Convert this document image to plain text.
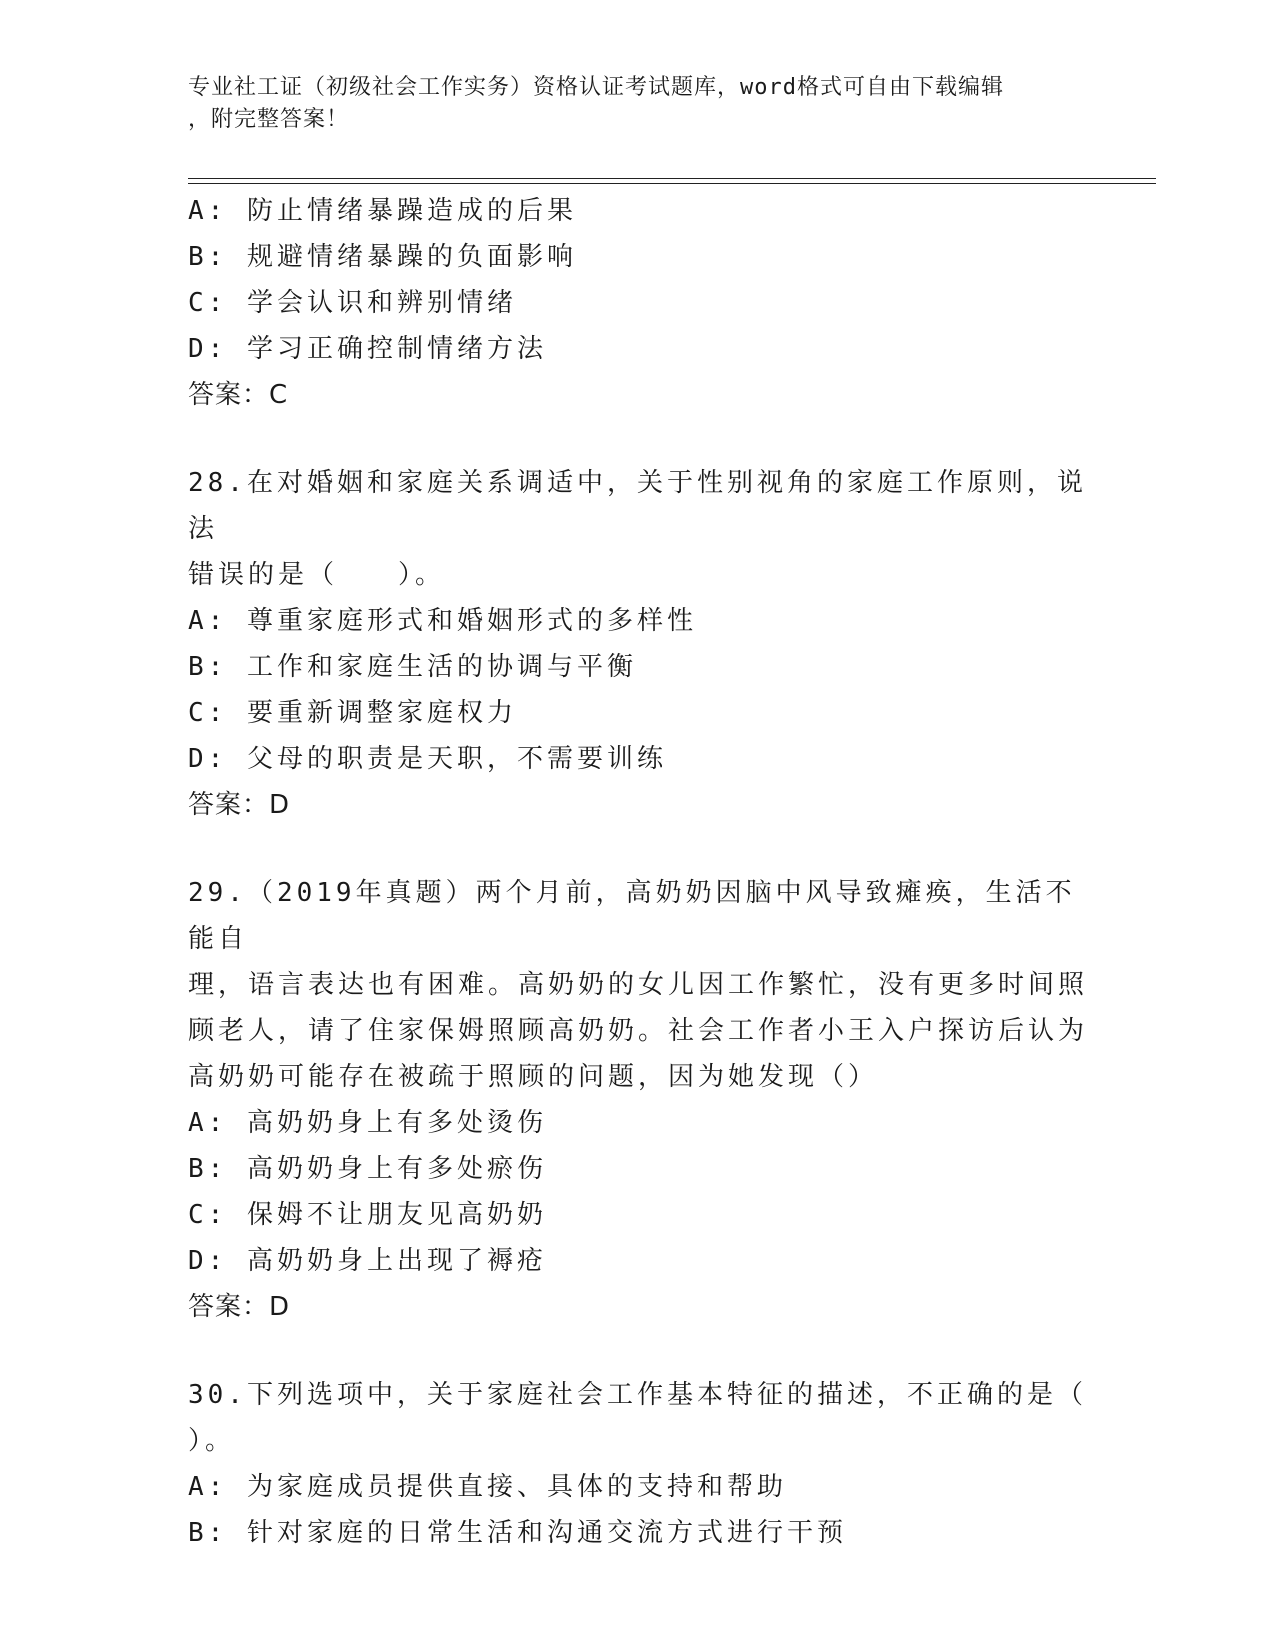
专业社工证（初级社会工作实务）资格认证考试题库，word格式可自由下载编辑
，附完整答案！
A: 防止情绪暴躁造成的后果
B: 规避情绪暴躁的负面影响
C: 学会认识和辨别情绪
D: 学习正确控制情绪方法
答案：C
28.在对婚姻和家庭关系调适中，关于性别视角的家庭工作原则，说法
错误的是（　　）。
A: 尊重家庭形式和婚姻形式的多样性
B: 工作和家庭生活的协调与平衡
C: 要重新调整家庭权力
D: 父母的职责是天职，不需要训练
答案：D
29.（2019年真题）两个月前，高奶奶因脑中风导致瘫痪，生活不能自
理，语言表达也有困难。高奶奶的女儿因工作繁忙，没有更多时间照
顾老人，请了住家保姆照顾高奶奶。社会工作者小王入户探访后认为
高奶奶可能存在被疏于照顾的问题，因为她发现（）
A: 高奶奶身上有多处烫伤
B: 高奶奶身上有多处瘀伤
C: 保姆不让朋友见高奶奶
D: 高奶奶身上出现了褥疮
答案：D
30.下列选项中，关于家庭社会工作基本特征的描述，不正确的是（
）。
A: 为家庭成员提供直接、具体的支持和帮助
B: 针对家庭的日常生活和沟通交流方式进行干预
